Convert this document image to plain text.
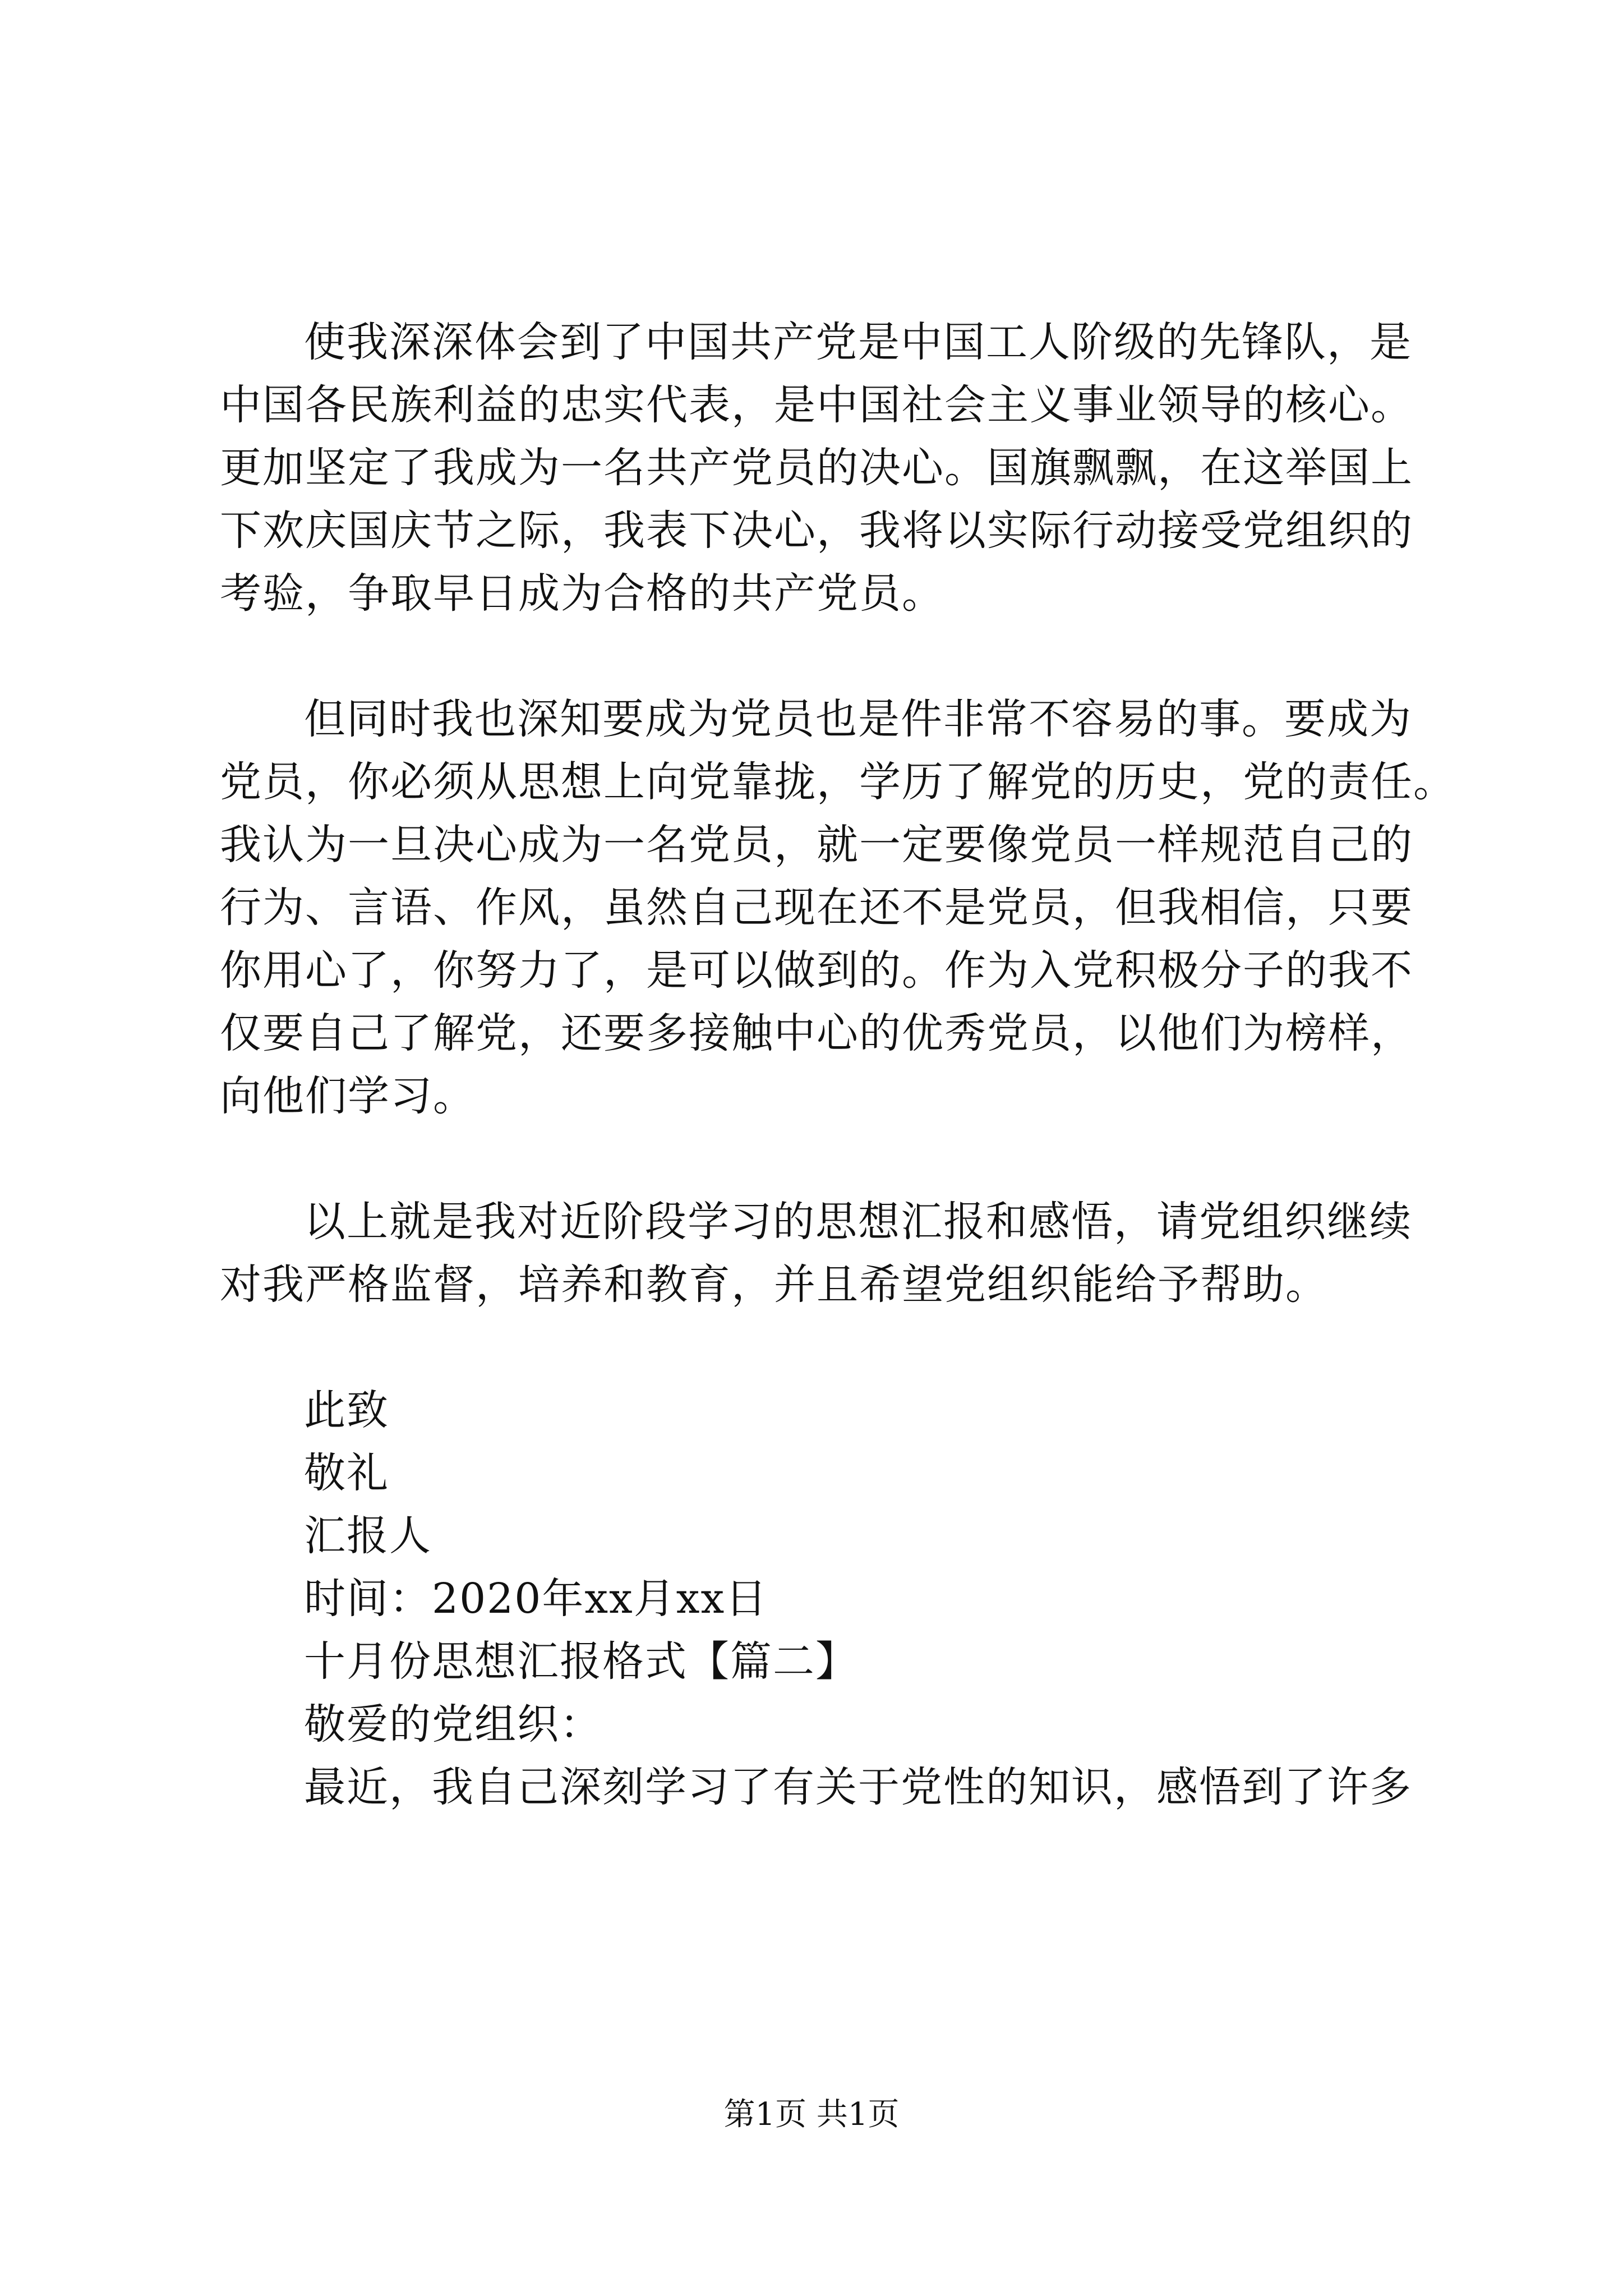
使我深深体会到了中国共产党是中国工人阶级的先锋队，是
中国各民族利益的忠实代表，是中国社会主义事业领导的核心。
更加坚定了我成为一名共产党员的决心。国旗飘飘，在这举国上
下欢庆国庆节之际，我表下决心，我将以实际行动接受党组织的
考验，争取早日成为合格的共产党员。
但同时我也深知要成为党员也是件非常不容易的事。要成为
党员，你必须从思想上向党靠拢，学历了解党的历史，党的责任。
我认为一旦决心成为一名党员，就一定要像党员一样规范自己的
行为、言语、作风，虽然自己现在还不是党员，但我相信，只要
你用心了，你努力了，是可以做到的。作为入党积极分子的我不
仅要自己了解党，还要多接触中心的优秀党员，以他们为榜样，
向他们学习。
以上就是我对近阶段学习的思想汇报和感悟，请党组织继续
对我严格监督，培养和教育，并且希望党组织能给予帮助。
此致
敬礼
汇报人
时间：2020年xx月xx日
十月份思想汇报格式【篇二】
敬爱的党组织：
最近，我自己深刻学习了有关于党性的知识，感悟到了许多
第1页 共1页
